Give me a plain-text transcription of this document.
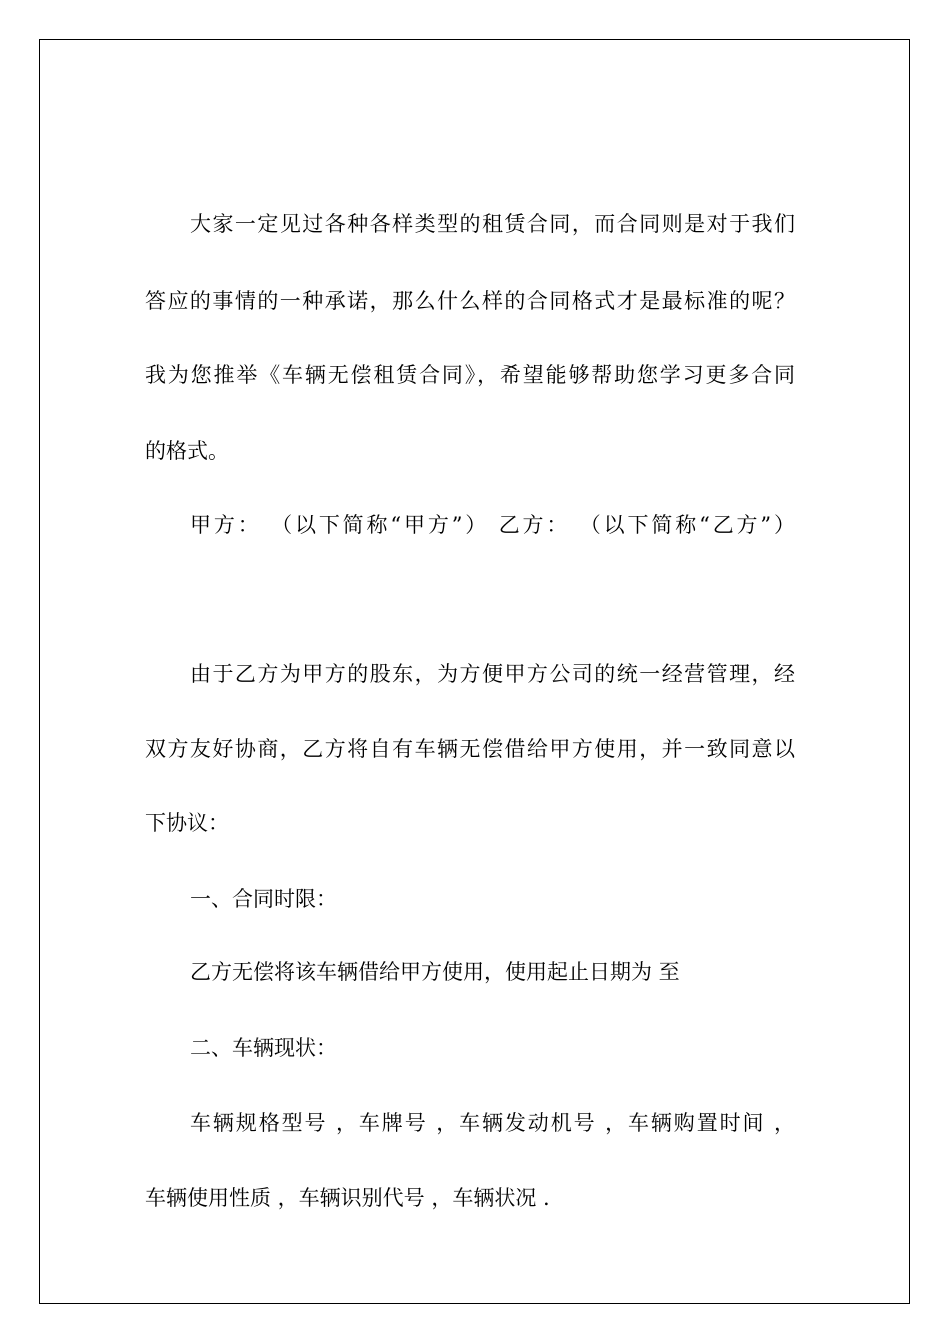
大家一定见过各种各样类型的租赁合同，而合同则是对于我们
答应的事情的一种承诺，那么什么样的合同格式才是最标准的呢？
我为您推举《车辆无偿租赁合同》，希望能够帮助您学习更多合同
的格式。
甲方： （以下简称“甲方”） 乙方： （以下简称“乙方”）
由于乙方为甲方的股东，为方便甲方公司的统一经营管理，经
双方友好协商，乙方将自有车辆无偿借给甲方使用，并一致同意以
下协议：
一、合同时限：
乙方无偿将该车辆借给甲方使用，使用起止日期为 至
二、车辆现状：
车辆规格型号 ，车牌号 ，车辆发动机号 ，车辆购置时间 ，
车辆使用性质 ，车辆识别代号 ，车辆状况 .
